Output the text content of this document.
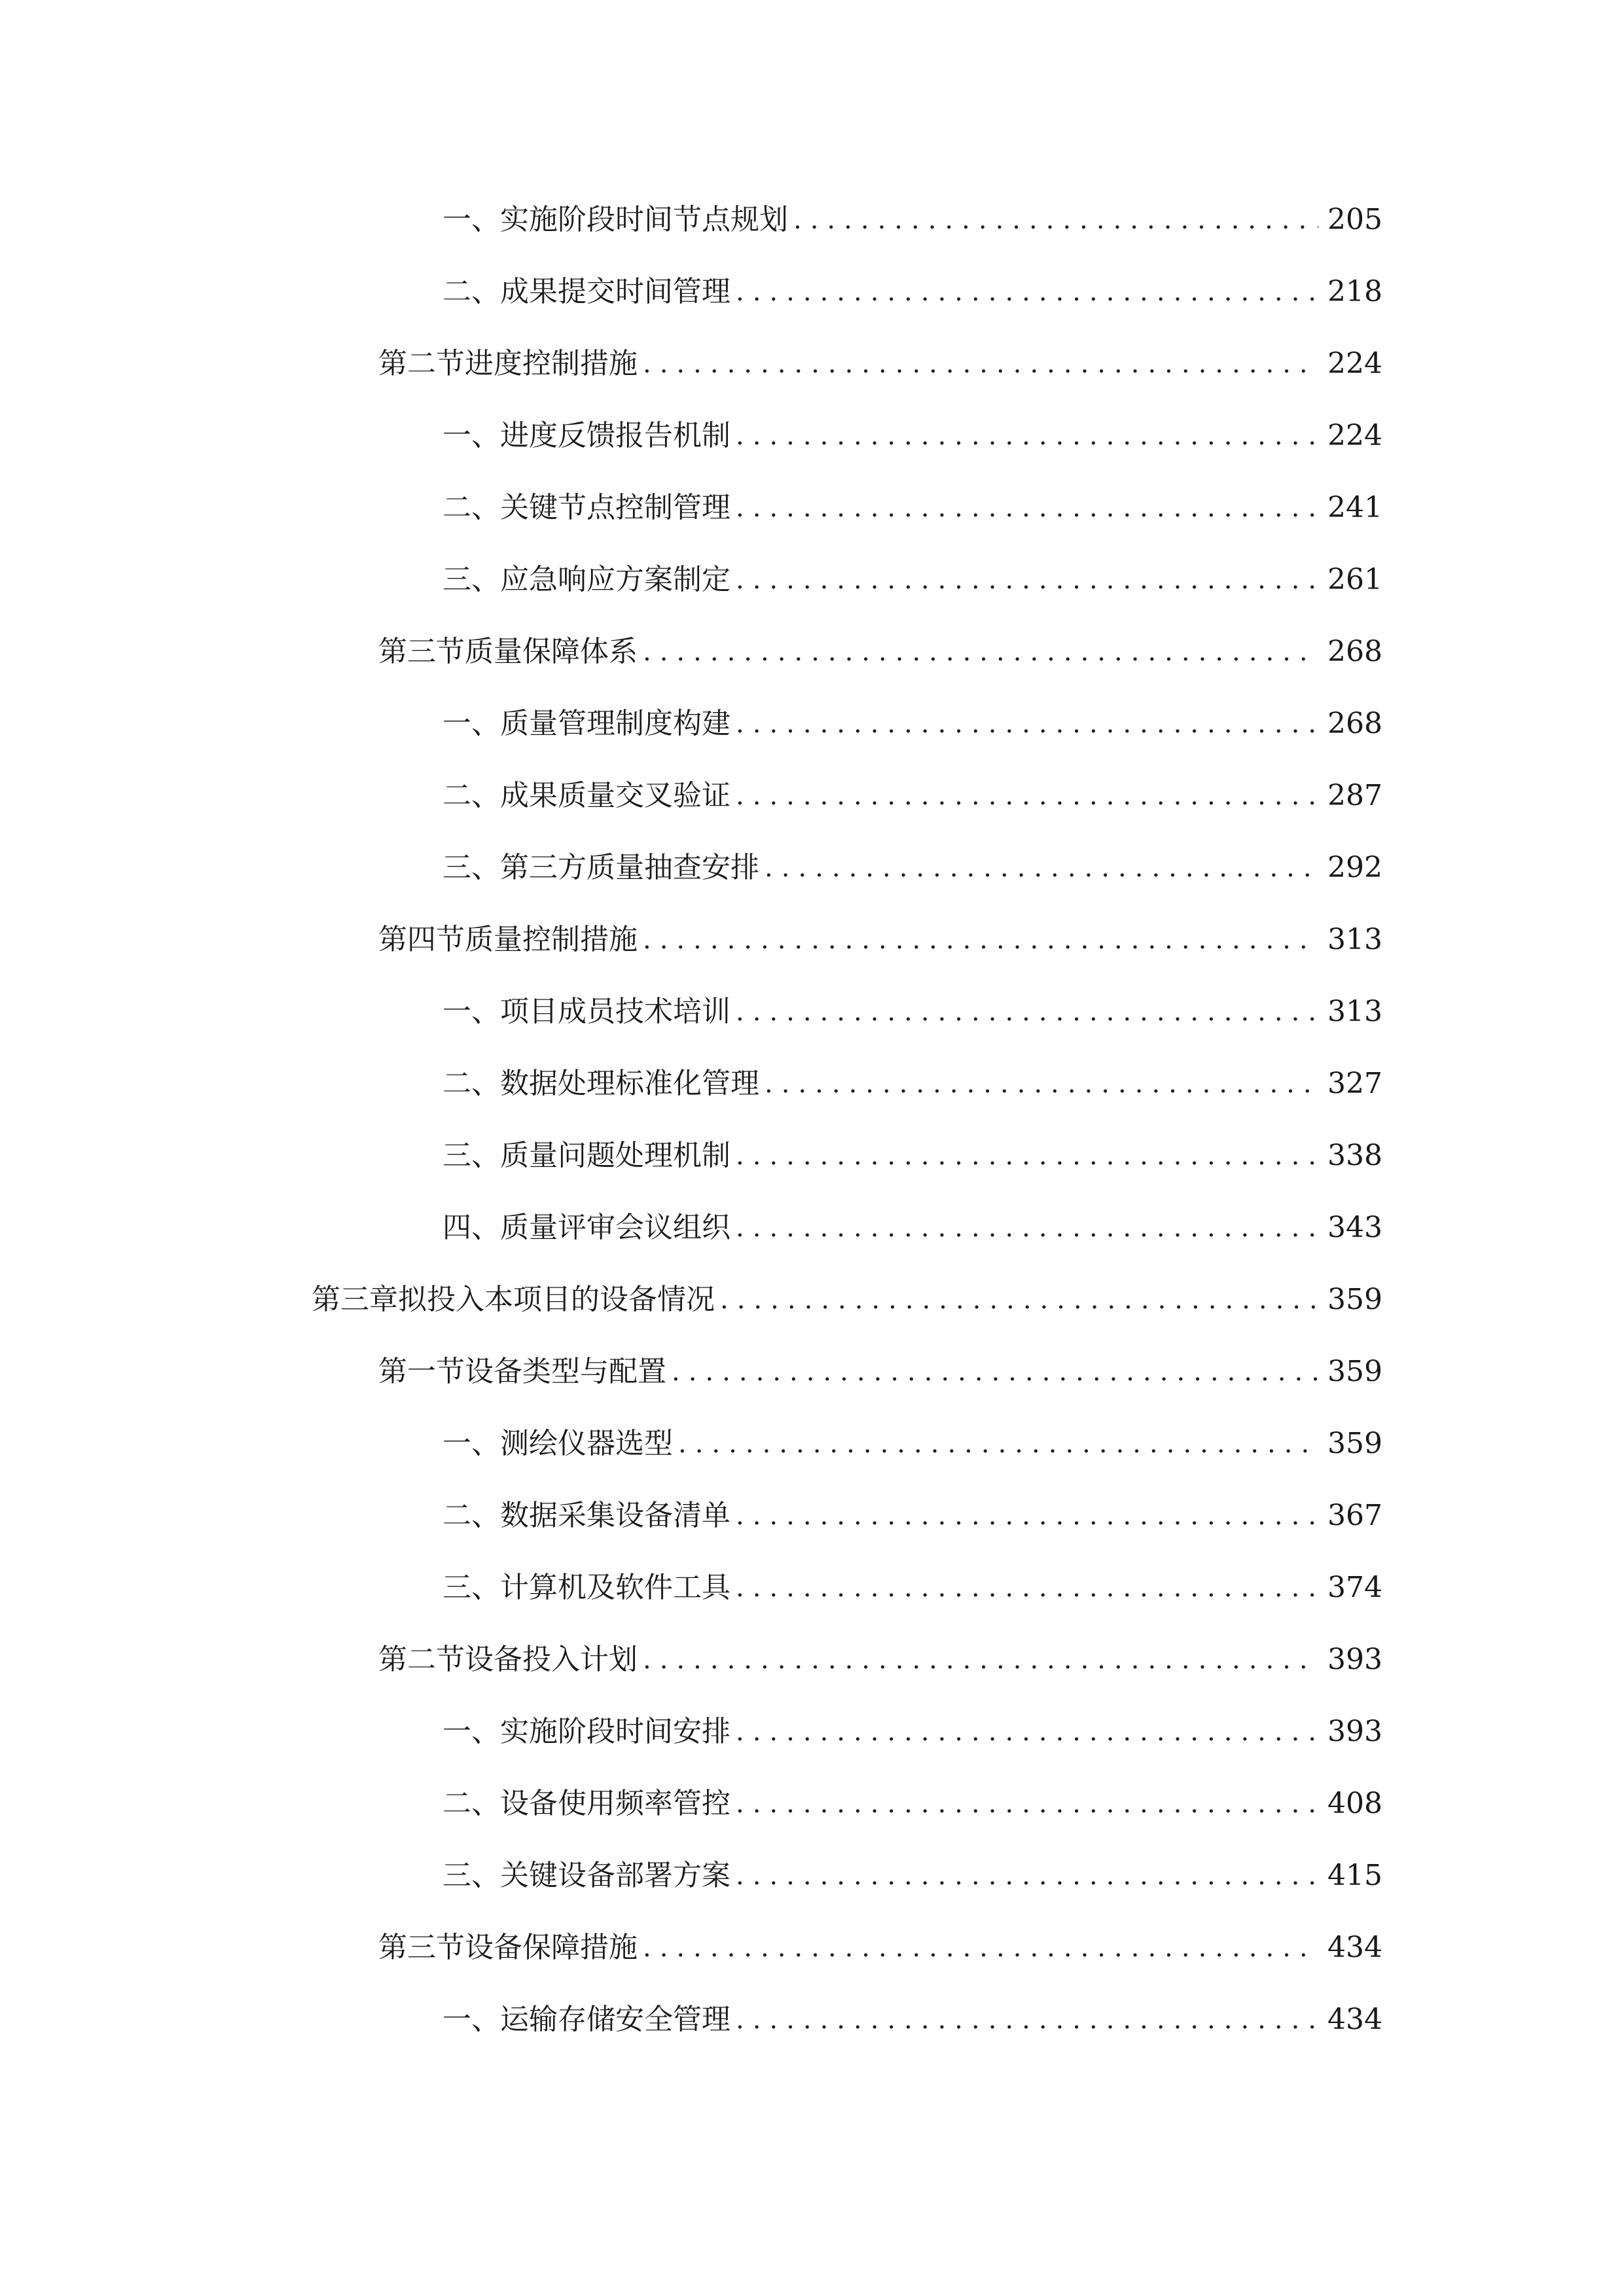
一、 实施阶段时间节点规划 .....	205
二、 成果提交时间管理 .....	218
第二节 进度控制措施 .....	224
一、 进度反馈报告机制 .....	224
二、 关键节点控制管理 .....	241
三、 应急响应方案制定 .....	261
第三节 质量保障体系 .....	268
一、 质量管理制度构建 .....	268
二、 成果质量交叉验证 .....	287
三、 第三方质量抽查安排 .....	292
第四节 质量控制措施 .....	313
一、 项目成员技术培训 .....	313
二、 数据处理标准化管理 .....	327
三、 质量问题处理机制 .....	338
四、 质量评审会议组织 .....	343
第三章 拟投入本项目的设备情况 .....	359
第一节 设备类型与配置 .....	359
一、 测绘仪器选型 .....	359
二、 数据采集设备清单 .....	367
三、 计算机及软件工具 .....	374
第二节 设备投入计划 .....	393
一、 实施阶段时间安排 .....	393
二、 设备使用频率管控 .....	408
三、 关键设备部署方案 .....	415
第三节 设备保障措施 .....	434
一、 运输存储安全管理 .....	434
